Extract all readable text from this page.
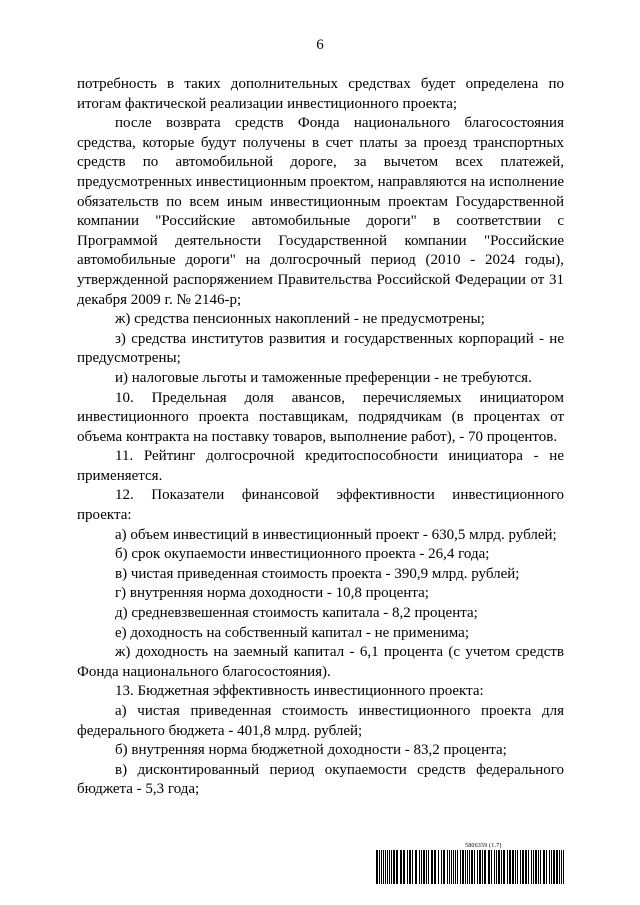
6

потребность в таких дополнительных средствах будет определена по итогам фактической реализации инвестиционного проекта;

после возврата средств Фонда национального благосостояния средства, которые будут получены в счет платы за проезд транспортных средств по автомобильной дороге, за вычетом всех платежей, предусмотренных инвестиционным проектом, направляются на исполнение обязательств по всем иным инвестиционным проектам Государственной компании "Российские автомобильные дороги" в соответствии с Программой деятельности Государственной компании "Российские автомобильные дороги" на долгосрочный период (2010 - 2024 годы), утвержденной распоряжением Правительства Российской Федерации от 31 декабря 2009 г. № 2146-р;

ж) средства пенсионных накоплений - не предусмотрены;

з) средства институтов развития и государственных корпораций - не предусмотрены;

и) налоговые льготы и таможенные преференции - не требуются.

10. Предельная доля авансов, перечисляемых инициатором инвестиционного проекта поставщикам, подрядчикам (в процентах от объема контракта на поставку товаров, выполнение работ), - 70 процентов.

11. Рейтинг долгосрочной кредитоспособности инициатора - не применяется.

12. Показатели финансовой эффективности инвестиционного проекта:

а) объем инвестиций в инвестиционный проект - 630,5 млрд. рублей;

б) срок окупаемости инвестиционного проекта - 26,4 года;

в) чистая приведенная стоимость проекта - 390,9 млрд. рублей;

г) внутренняя норма доходности - 10,8 процента;

д) средневзвешенная стоимость капитала - 8,2 процента;

е) доходность на собственный капитал - не применима;

ж) доходность на заемный капитал - 6,1 процента (с учетом средств Фонда национального благосостояния).

13. Бюджетная эффективность инвестиционного проекта:

а) чистая приведенная стоимость инвестиционного проекта для федерального бюджета - 401,8 млрд. рублей;

б) внутренняя норма бюджетной доходности - 83,2 процента;

в) дисконтированный период окупаемости средств федерального бюджета - 5,3 года;

5806359 (1.7)
